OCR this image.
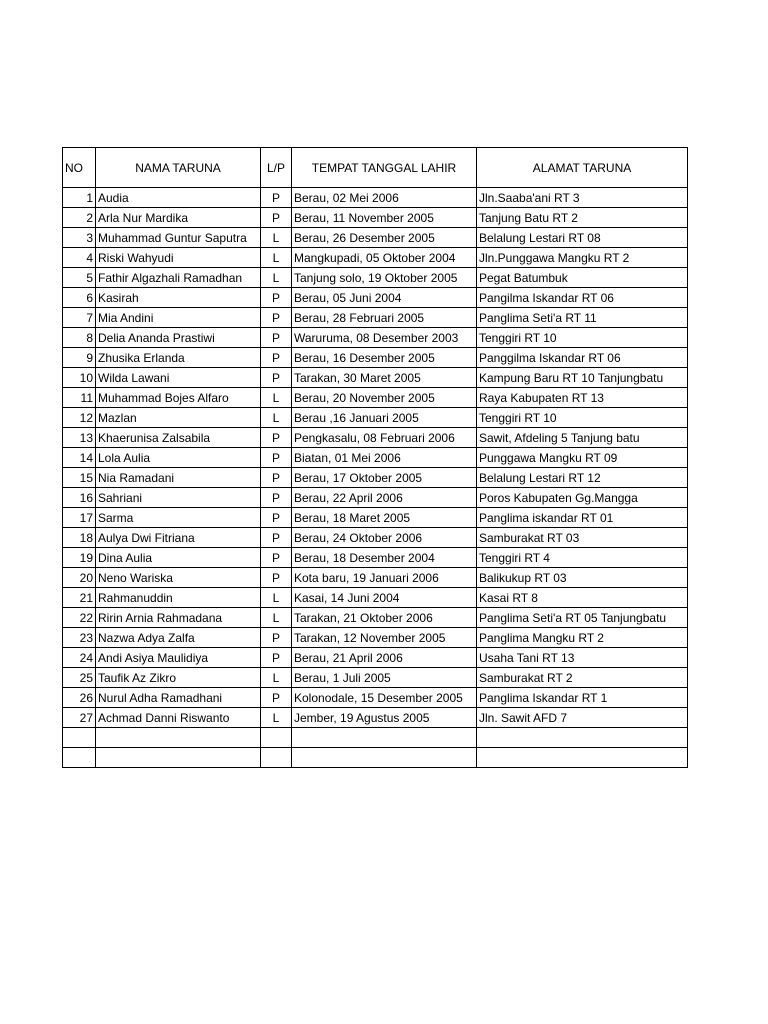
NO	NAMA TARUNA	L/P	TEMPAT TANGGAL LAHIR	ALAMAT TARUNA
1	Audia	P	Berau, 02 Mei 2006	Jln.Saaba'ani RT 3
2	Arla Nur Mardika	P	Berau, 11 November 2005	Tanjung Batu RT 2
3	Muhammad Guntur Saputra	L	Berau, 26 Desember 2005	Belalung Lestari RT 08
4	Riski Wahyudi	L	Mangkupadi, 05 Oktober 2004	Jln.Punggawa Mangku RT 2
5	Fathir Algazhali Ramadhan	L	Tanjung solo, 19 Oktober 2005	Pegat Batumbuk
6	Kasirah	P	Berau, 05 Juni 2004	Pangilma Iskandar RT 06
7	Mia Andini	P	Berau, 28 Februari 2005	Panglima Seti'a RT 11
8	Delia Ananda Prastiwi	P	Waruruma, 08 Desember 2003	Tenggiri RT 10
9	Zhusika Erlanda	P	Berau, 16 Desember 2005	Panggilma Iskandar RT 06
10	Wilda Lawani	P	Tarakan, 30 Maret 2005	Kampung Baru RT 10 Tanjungbatu
11	Muhammad Bojes Alfaro	L	Berau, 20 November 2005	Raya Kabupaten RT 13
12	Mazlan	L	Berau ,16 Januari 2005	Tenggiri RT 10
13	Khaerunisa Zalsabila	P	Pengkasalu, 08 Februari 2006	Sawit, Afdeling 5 Tanjung batu
14	Lola Aulia	P	Biatan, 01 Mei 2006	Punggawa Mangku RT 09
15	Nia Ramadani	P	Berau, 17 Oktober 2005	Belalung Lestari RT 12
16	Sahriani	P	Berau, 22 April 2006	Poros Kabupaten Gg.Mangga
17	Sarma	P	Berau, 18 Maret 2005	Panglima iskandar RT 01
18	Aulya Dwi Fitriana	P	Berau, 24 Oktober 2006	Samburakat RT 03
19	Dina Aulia	P	Berau, 18 Desember 2004	Tenggiri RT 4
20	Neno Wariska	P	Kota baru, 19 Januari 2006	Balikukup RT 03
21	Rahmanuddin	L	Kasai, 14 Juni 2004	Kasai RT 8
22	Ririn Arnia Rahmadana	L	Tarakan, 21 Oktober 2006	Panglima Seti'a RT 05 Tanjungbatu
23	Nazwa Adya Zalfa	P	Tarakan, 12 November 2005	Panglima Mangku RT 2
24	Andi Asiya Maulidiya	P	Berau, 21 April 2006	Usaha Tani RT 13
25	Taufik Az Zikro	L	Berau, 1 Juli 2005	Samburakat RT 2
26	Nurul Adha Ramadhani	P	Kolonodale, 15 Desember 2005	Panglima Iskandar RT 1
27	Achmad Danni Riswanto	L	Jember, 19 Agustus 2005	Jln. Sawit AFD 7
